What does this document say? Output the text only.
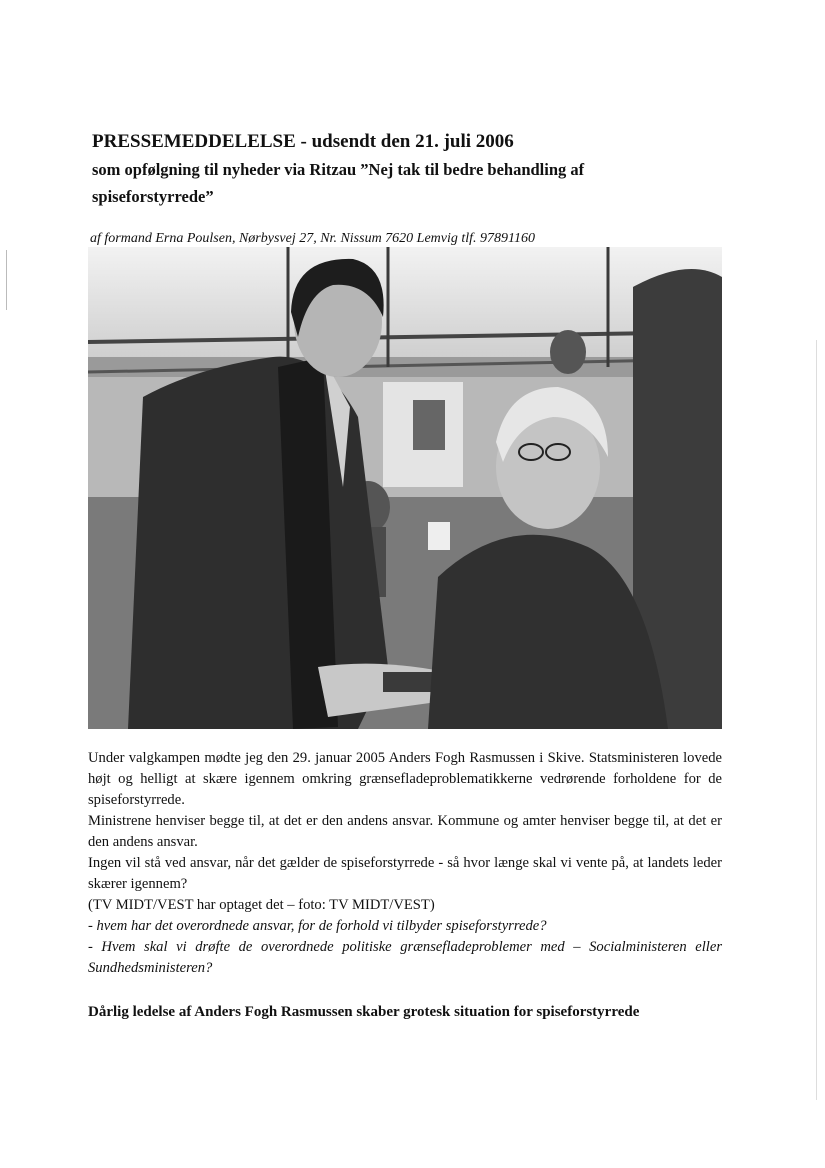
PRESSEMEDDELELSE - udsendt den 21. juli 2006
som opfølgning til nyheder via Ritzau ”Nej tak til bedre behandling af
spiseforstyrrede”
af formand Erna Poulsen, Nørbysvej 27, Nr. Nissum 7620 Lemvig tlf. 97891160

Under valgkampen mødte jeg den 29. januar 2005 Anders Fogh Rasmussen i Skive. Statsministeren lovede højt og helligt at skære igennem omkring grænsefladeproblematikkerne vedrørende forholdene for de spiseforstyrrede.

Ministrene henviser begge til, at det er den andens ansvar. Kommune og amter henviser begge til, at det er den andens ansvar.

Ingen vil stå ved ansvar, når det gælder de spiseforstyrrede - så hvor længe skal vi vente på, at landets leder skærer igennem?

(TV MIDT/VEST har optaget det – foto: TV MIDT/VEST)

- hvem har det overordnede ansvar, for de forhold vi tilbyder spiseforstyrrede?

- Hvem skal vi drøfte de overordnede politiske grænsefladeproblemer med – Socialministeren eller Sundhedsministeren?

Dårlig ledelse af Anders Fogh Rasmussen skaber grotesk situation for spiseforstyrrede
